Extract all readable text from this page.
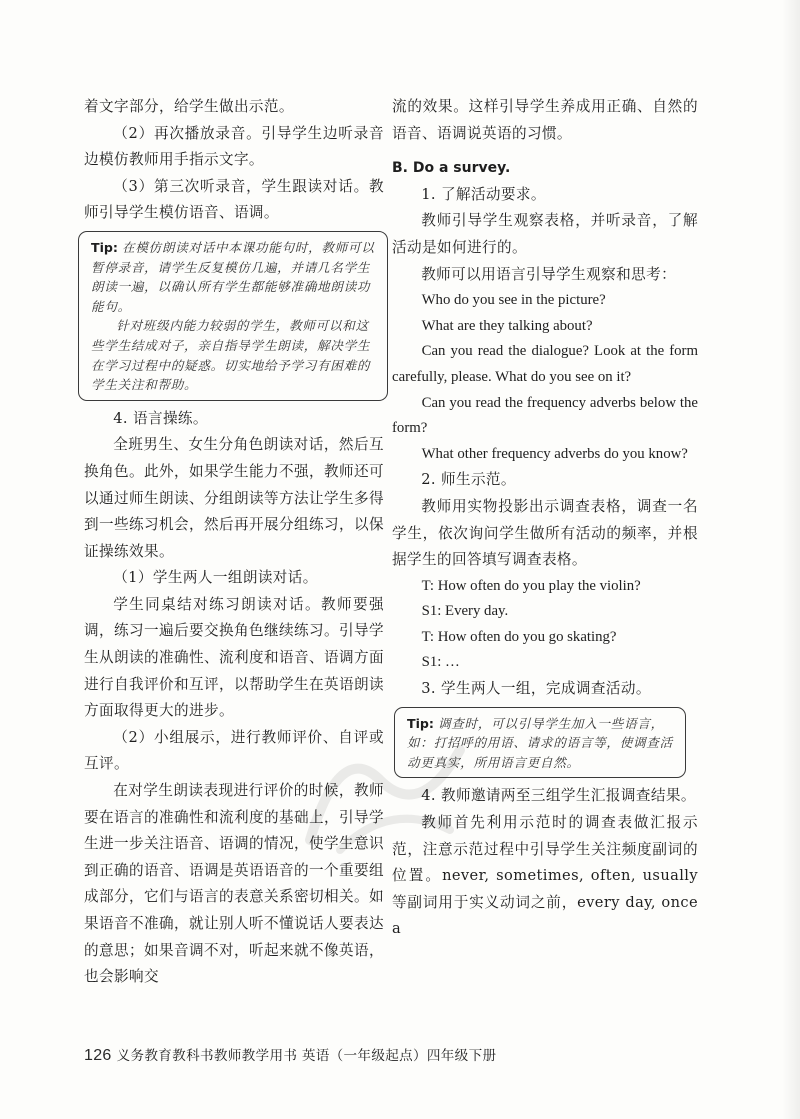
着文字部分，给学生做出示范。

（2）再次播放录音。引导学生边听录音边模仿教师用手指示文字。

（3）第三次听录音，学生跟读对话。教师引导学生模仿语音、语调。

Tip: 在模仿朗读对话中本课功能句时，教师可以暂停录音，请学生反复模仿几遍，并请几名学生朗读一遍，以确认所有学生都能够准确地朗读功能句。
针对班级内能力较弱的学生，教师可以和这些学生结成对子，亲自指导学生朗读，解决学生在学习过程中的疑惑。切实地给予学习有困难的学生关注和帮助。

4. 语言操练。

全班男生、女生分角色朗读对话，然后互换角色。此外，如果学生能力不强，教师还可以通过师生朗读、分组朗读等方法让学生多得到一些练习机会，然后再开展分组练习，以保证操练效果。

（1）学生两人一组朗读对话。

学生同桌结对练习朗读对话。教师要强调，练习一遍后要交换角色继续练习。引导学生从朗读的准确性、流利度和语音、语调方面进行自我评价和互评，以帮助学生在英语朗读方面取得更大的进步。

（2）小组展示，进行教师评价、自评或互评。

在对学生朗读表现进行评价的时候，教师要在语言的准确性和流利度的基础上，引导学生进一步关注语音、语调的情况，使学生意识到正确的语音、语调是英语语音的一个重要组成部分，它们与语言的表意关系密切相关。如果语音不准确，就让别人听不懂说话人要表达的意思；如果音调不对，听起来就不像英语，也会影响交

流的效果。这样引导学生养成用正确、自然的语音、语调说英语的习惯。

B. Do a survey.

1. 了解活动要求。

教师引导学生观察表格，并听录音，了解活动是如何进行的。

教师可以用语言引导学生观察和思考：

Who do you see in the picture?

What are they talking about?

Can you read the dialogue? Look at the form carefully, please. What do you see on it?

Can you read the frequency adverbs below the form?

What other frequency adverbs do you know?

2. 师生示范。

教师用实物投影出示调查表格，调查一名学生，依次询问学生做所有活动的频率，并根据学生的回答填写调查表格。

T: How often do you play the violin?

S1: Every day.

T: How often do you go skating?

S1: …

3. 学生两人一组，完成调查活动。

Tip: 调查时，可以引导学生加入一些语言，如：打招呼的用语、请求的语言等，使调查活动更真实，所用语言更自然。

4. 教师邀请两至三组学生汇报调查结果。

教师首先利用示范时的调查表做汇报示范，注意示范过程中引导学生关注频度副词的位置。never, sometimes, often, usually等副词用于实义动词之前，every day, once a

126 义务教育教科书教师教学用书 英语（一年级起点）四年级下册
